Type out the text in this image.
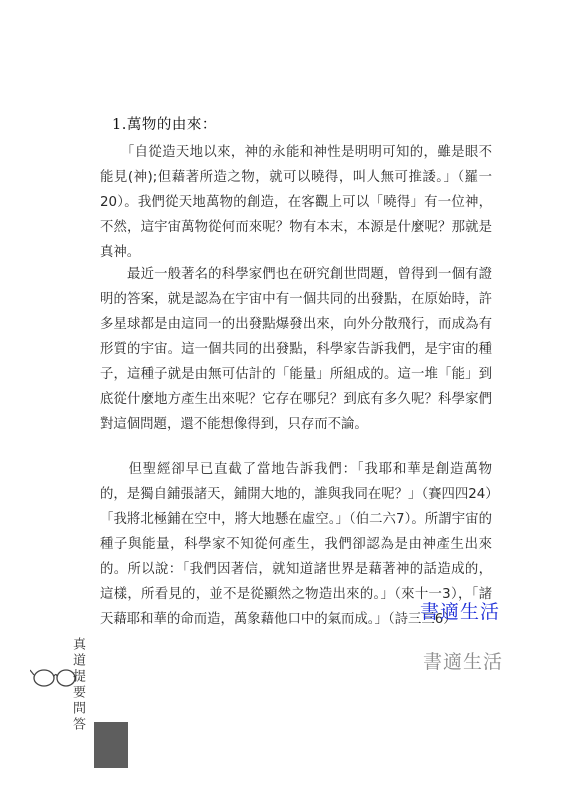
1.萬物的由來：
　　「自從造天地以來，神的永能和神性是明明可知的，雖是眼不能見(神);但藉著所造之物，就可以曉得，叫人無可推諉。」（羅一20）。我們從天地萬物的創造，在客觀上可以「曉得」有一位神，不然，這宇宙萬物從何而來呢？物有本末，本源是什麼呢？那就是真神。
　　最近一般著名的科學家們也在研究創世問題，曾得到一個有證明的答案，就是認為在宇宙中有一個共同的出發點，在原始時，許多星球都是由這同一的出發點爆發出來，向外分散飛行，而成為有形質的宇宙。這一個共同的出發點，科學家告訴我們，是宇宙的種子，這種子就是由無可估計的「能量」所組成的。這一堆「能」到底從什麼地方產生出來呢？它存在哪兒？到底有多久呢？科學家們對這個問題，還不能想像得到，只存而不論。
　　但聖經卻早已直截了當地告訴我們：「我耶和華是創造萬物的，是獨自鋪張諸天，鋪開大地的，誰與我同在呢？」（賽四四24）「我將北極鋪在空中，將大地懸在虛空。」（伯二六7）。所謂宇宙的種子與能量，科學家不知從何產生，我們卻認為是由神產生出來的。所以說：「我們因著信，就知道諸世界是藉著神的話造成的，這樣，所看見的，並不是從顯然之物造出來的。」（來十一3），「諸天藉耶和華的命而造，萬象藉他口中的氣而成。」（詩三三6）
書適生活
書適生活
真道提要問答
